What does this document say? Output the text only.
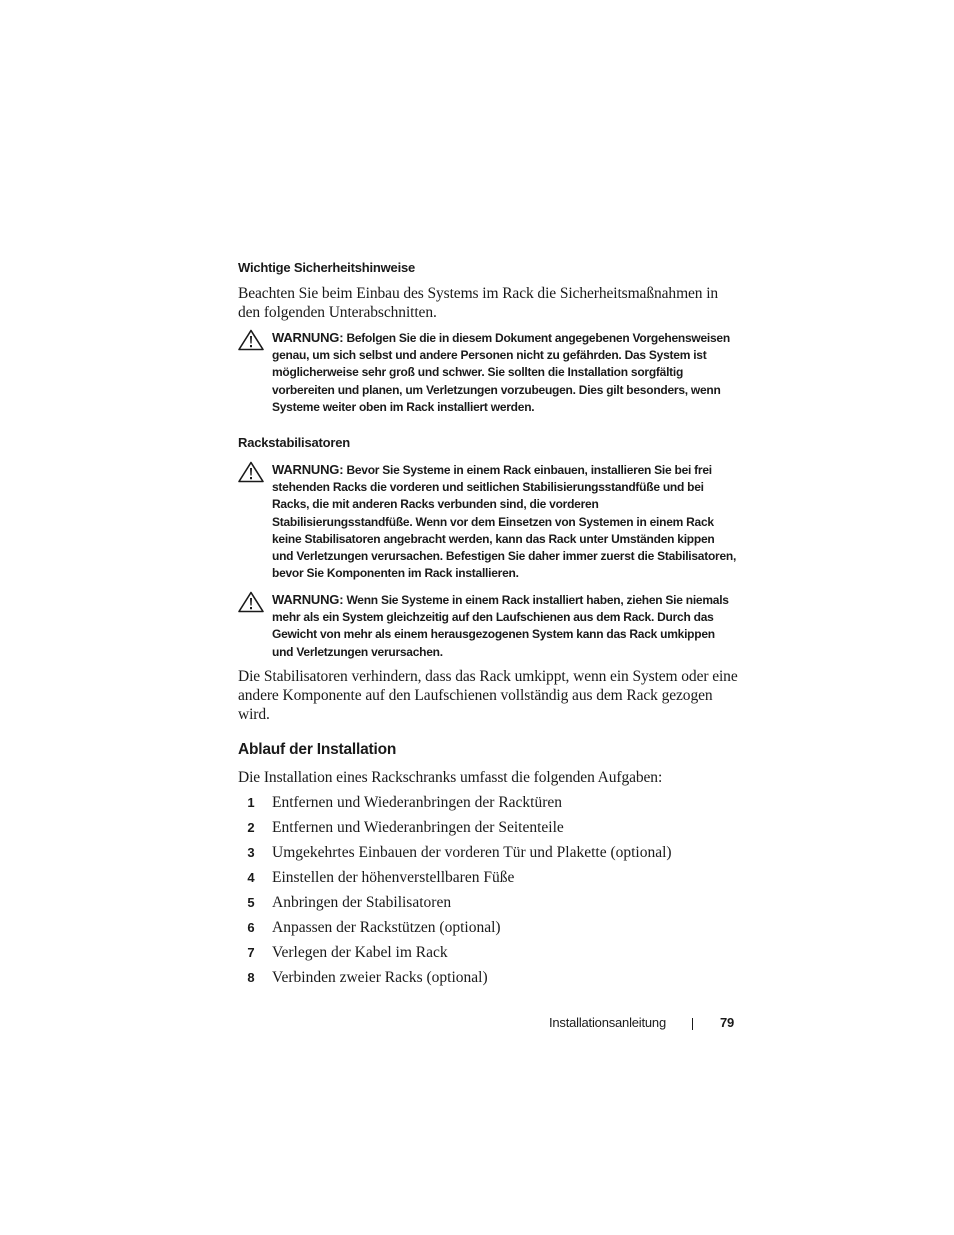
Wichtige Sicherheitshinweise
Beachten Sie beim Einbau des Systems im Rack die Sicherheitsmaßnahmen in den folgenden Unterabschnitten.
WARNUNG: Befolgen Sie die in diesem Dokument angegebenen Vorgehensweisen genau, um sich selbst und andere Personen nicht zu gefährden. Das System ist möglicherweise sehr groß und schwer. Sie sollten die Installation sorgfältig vorbereiten und planen, um Verletzungen vorzubeugen. Dies gilt besonders, wenn Systeme weiter oben im Rack installiert werden.
Rackstabilisatoren
WARNUNG: Bevor Sie Systeme in einem Rack einbauen, installieren Sie bei frei stehenden Racks die vorderen und seitlichen Stabilisierungsstandfüße und bei Racks, die mit anderen Racks verbunden sind, die vorderen Stabilisierungsstandfüße. Wenn vor dem Einsetzen von Systemen in einem Rack keine Stabilisatoren angebracht werden, kann das Rack unter Umständen kippen und Verletzungen verursachen. Befestigen Sie daher immer zuerst die Stabilisatoren, bevor Sie Komponenten im Rack installieren.
WARNUNG: Wenn Sie Systeme in einem Rack installiert haben, ziehen Sie niemals mehr als ein System gleichzeitig auf den Laufschienen aus dem Rack. Durch das Gewicht von mehr als einem herausgezogenen System kann das Rack umkippen und Verletzungen verursachen.
Die Stabilisatoren verhindern, dass das Rack umkippt, wenn ein System oder eine andere Komponente auf den Laufschienen vollständig aus dem Rack gezogen wird.
Ablauf der Installation
Die Installation eines Rackschranks umfasst die folgenden Aufgaben:
1 Entfernen und Wiederanbringen der Racktüren
2 Entfernen und Wiederanbringen der Seitenteile
3 Umgekehrtes Einbauen der vorderen Tür und Plakette (optional)
4 Einstellen der höhenverstellbaren Füße
5 Anbringen der Stabilisatoren
6 Anpassen der Rackstützen (optional)
7 Verlegen der Kabel im Rack
8 Verbinden zweier Racks (optional)
Installationsanleitung	79
